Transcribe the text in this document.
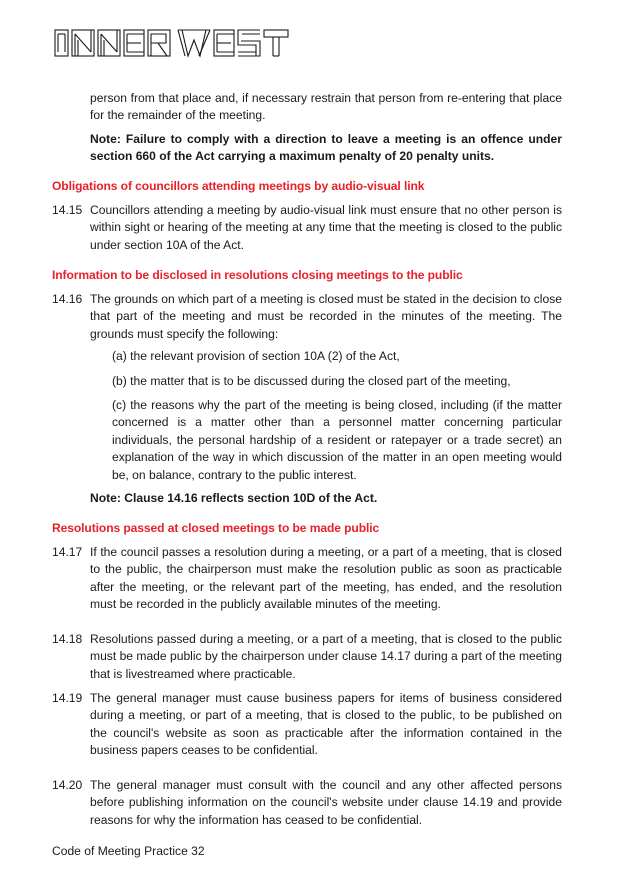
person from that place and, if necessary restrain that person from re-entering that place for the remainder of the meeting.

Note: Failure to comply with a direction to leave a meeting is an offence under section 660 of the Act carrying a maximum penalty of 20 penalty units.

Obligations of councillors attending meetings by audio-visual link
14.15 Councillors attending a meeting by audio-visual link must ensure that no other person is within sight or hearing of the meeting at any time that the meeting is closed to the public under section 10A of the Act.

Information to be disclosed in resolutions closing meetings to the public
14.16 The grounds on which part of a meeting is closed must be stated in the decision to close that part of the meeting and must be recorded in the minutes of the meeting. The grounds must specify the following:

(a) the relevant provision of section 10A (2) of the Act,

(b) the matter that is to be discussed during the closed part of the meeting,

(c) the reasons why the part of the meeting is being closed, including (if the matter concerned is a matter other than a personnel matter concerning particular individuals, the personal hardship of a resident or ratepayer or a trade secret) an explanation of the way in which discussion of the matter in an open meeting would be, on balance, contrary to the public interest.

Note: Clause 14.16 reflects section 10D of the Act.

Resolutions passed at closed meetings to be made public
14.17 If the council passes a resolution during a meeting, or a part of a meeting, that is closed to the public, the chairperson must make the resolution public as soon as practicable after the meeting, or the relevant part of the meeting, has ended, and the resolution must be recorded in the publicly available minutes of the meeting.

14.18 Resolutions passed during a meeting, or a part of a meeting, that is closed to the public must be made public by the chairperson under clause 14.17 during a part of the meeting that is livestreamed where practicable.

14.19 The general manager must cause business papers for items of business considered during a meeting, or part of a meeting, that is closed to the public, to be published on the council's website as soon as practicable after the information contained in the business papers ceases to be confidential.

14.20 The general manager must consult with the council and any other affected persons before publishing information on the council's website under clause 14.19 and provide reasons for why the information has ceased to be confidential.

Code of Meeting Practice 32
